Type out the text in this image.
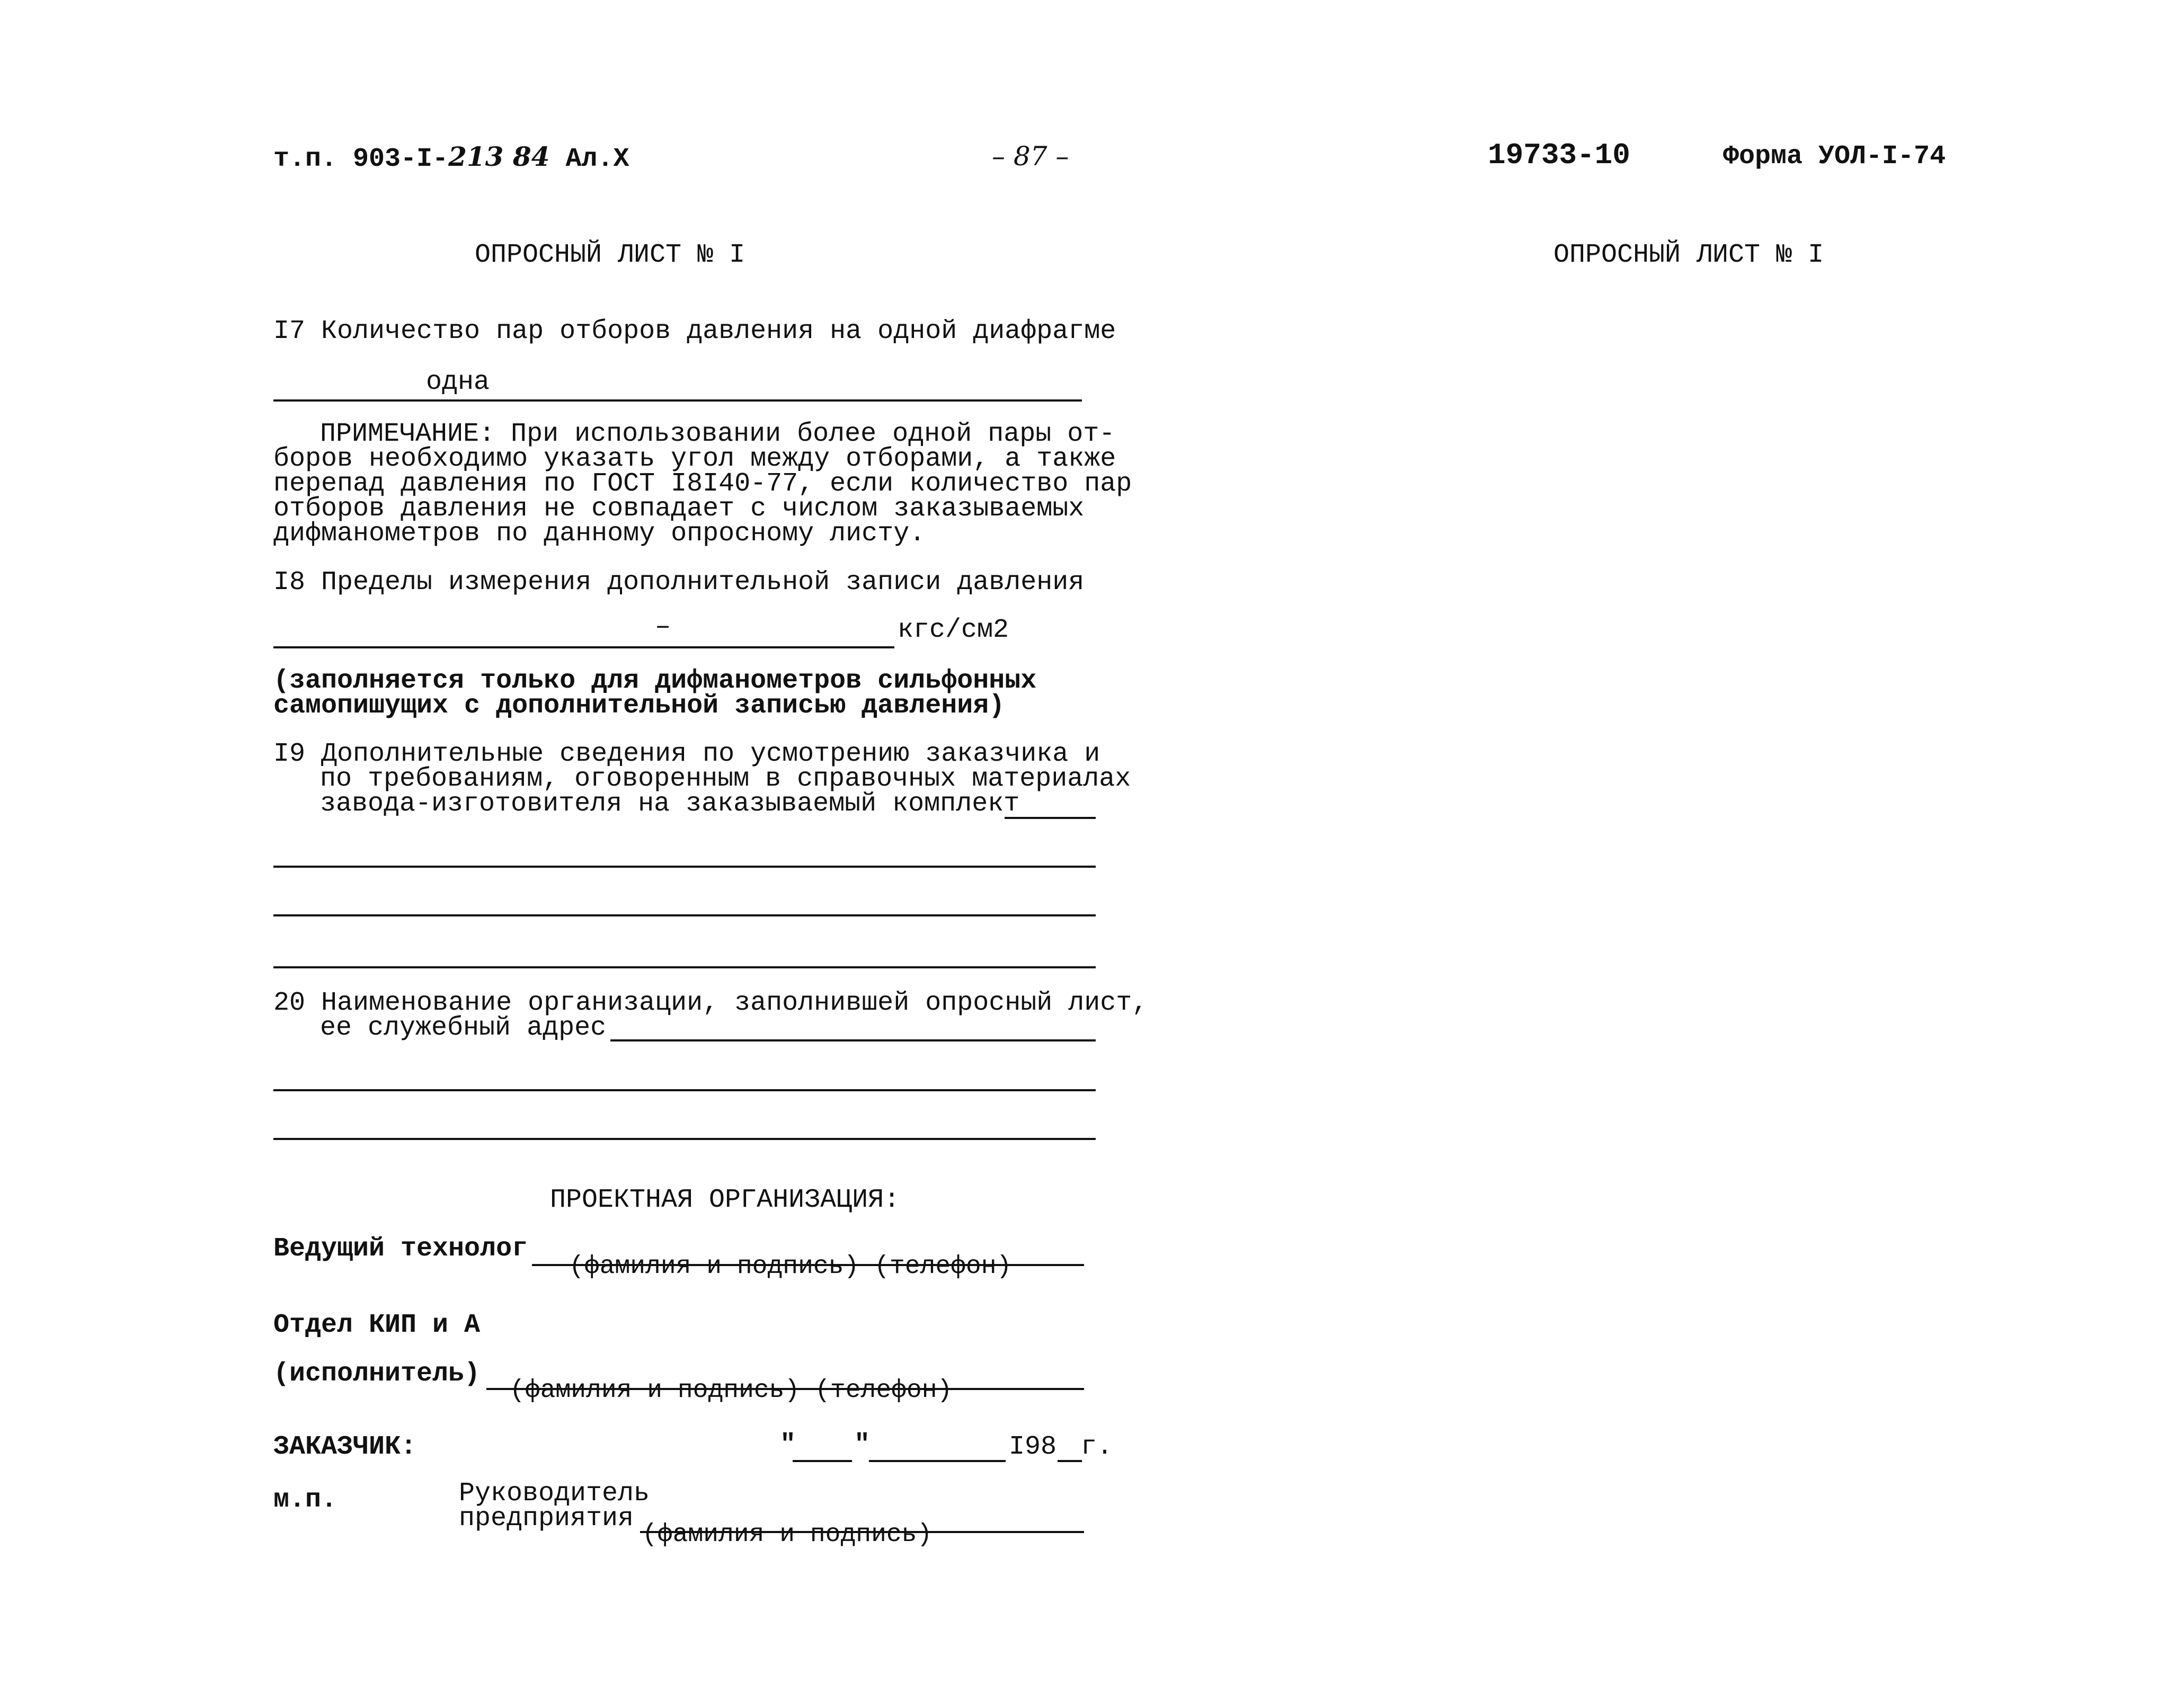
т.п. 903-I-213 84 Ал.Х	– 87 –	19733-10	Форма УОЛ-I-74
ОПРОСНЫЙ ЛИСТ № I	ОПРОСНЫЙ ЛИСТ № I
I7 Количество пар отборов давления на одной диафрагме
одна

ПРИМЕЧАНИЕ: При использовании более одной пары от-

боров необходимо указать угол между отборами, а также

перепад давления по ГОСТ I8I40-77, если количество пар

отборов давления не совпадает с числом заказываемых

дифманометров по данному опросному листу.

I8 Пределы измерения дополнительной записи давления
–	кгс/см2

(заполняется только для дифманометров сильфонных

самопишущих с дополнительной записью давления)

I9 Дополнительные сведения по усмотрению заказчика и

по требованиям, оговоренным в справочных материалах

завода-изготовителя на заказываемый комплект

20 Наименование организации, заполнившей опросный лист,

ее служебный адрес

ПРОЕКТНАЯ ОРГАНИЗАЦИЯ:
Ведущий технолог
(фамилия и подпись) (телефон)
Отдел КИП и А
(исполнитель)
(фамилия и подпись) (телефон)
ЗАКАЗЧИК:	" "	I98 г.
м.п.	Руководитель

предприятия

(фамилия и подпись)
